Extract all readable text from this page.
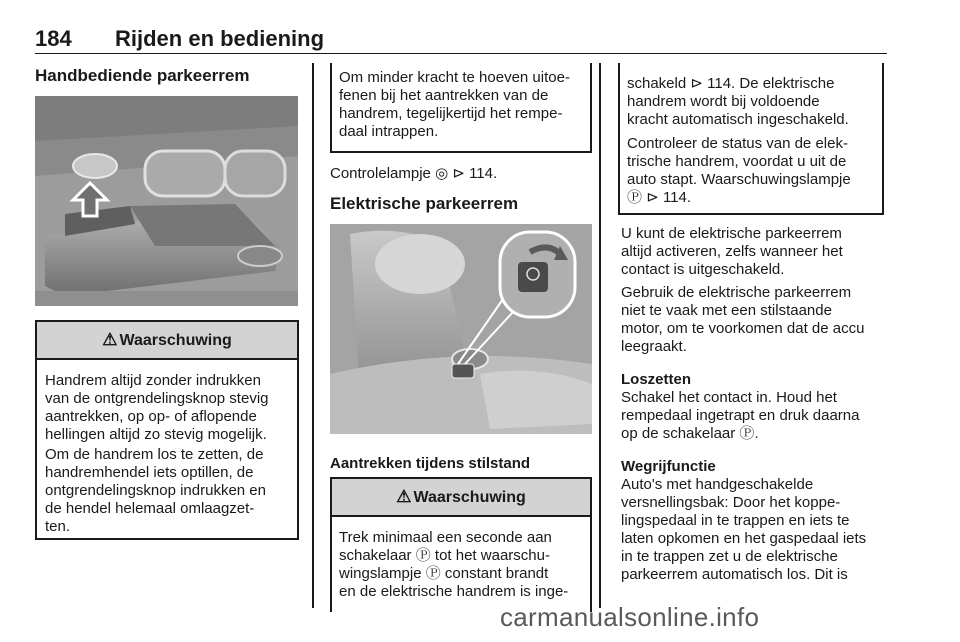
184 Rijden en bediening
Handbediende parkeerrem
⚠ Waarschuwing
Handrem altijd zonder indrukken
van de ontgrendelingsknop stevig
aantrekken, op op- of aflopende
hellingen altijd zo stevig mogelijk.
Om de handrem los te zetten, de
handremhendel iets optillen, de
ontgrendelingsknop indrukken en
de hendel helemaal omlaagzet-
ten.
Om minder kracht te hoeven uitoe-
fenen bij het aantrekken van de
handrem, tegelijkertijd het rempe-
daal intrappen.
Controlelampje ◎ ⊳ 114.
Elektrische parkeerrem
Aantrekken tijdens stilstand
⚠ Waarschuwing
Trek minimaal een seconde aan
schakelaar Ⓟ tot het waarschu-
wingslampje Ⓟ constant brandt
en de elektrische handrem is inge-
schakeld ⊳ 114. De elektrische
handrem wordt bij voldoende
kracht automatisch ingeschakeld.
Controleer de status van de elek-
trische handrem, voordat u uit de
auto stapt. Waarschuwingslampje
Ⓟ ⊳ 114.
U kunt de elektrische parkeerrem
altijd activeren, zelfs wanneer het
contact is uitgeschakeld.
Gebruik de elektrische parkeerrem
niet te vaak met een stilstaande
motor, om te voorkomen dat de accu
leegraakt.
Loszetten
Schakel het contact in. Houd het
rempedaal ingetrapt en druk daarna
op de schakelaar Ⓟ.
Wegrijfunctie
Auto's met handgeschakelde
versnellingsbak: Door het koppe-
lingspedaal in te trappen en iets te
laten opkomen en het gaspedaal iets
in te trappen zet u de elektrische
parkeerrem automatisch los. Dit is
carmanualsonline.info
